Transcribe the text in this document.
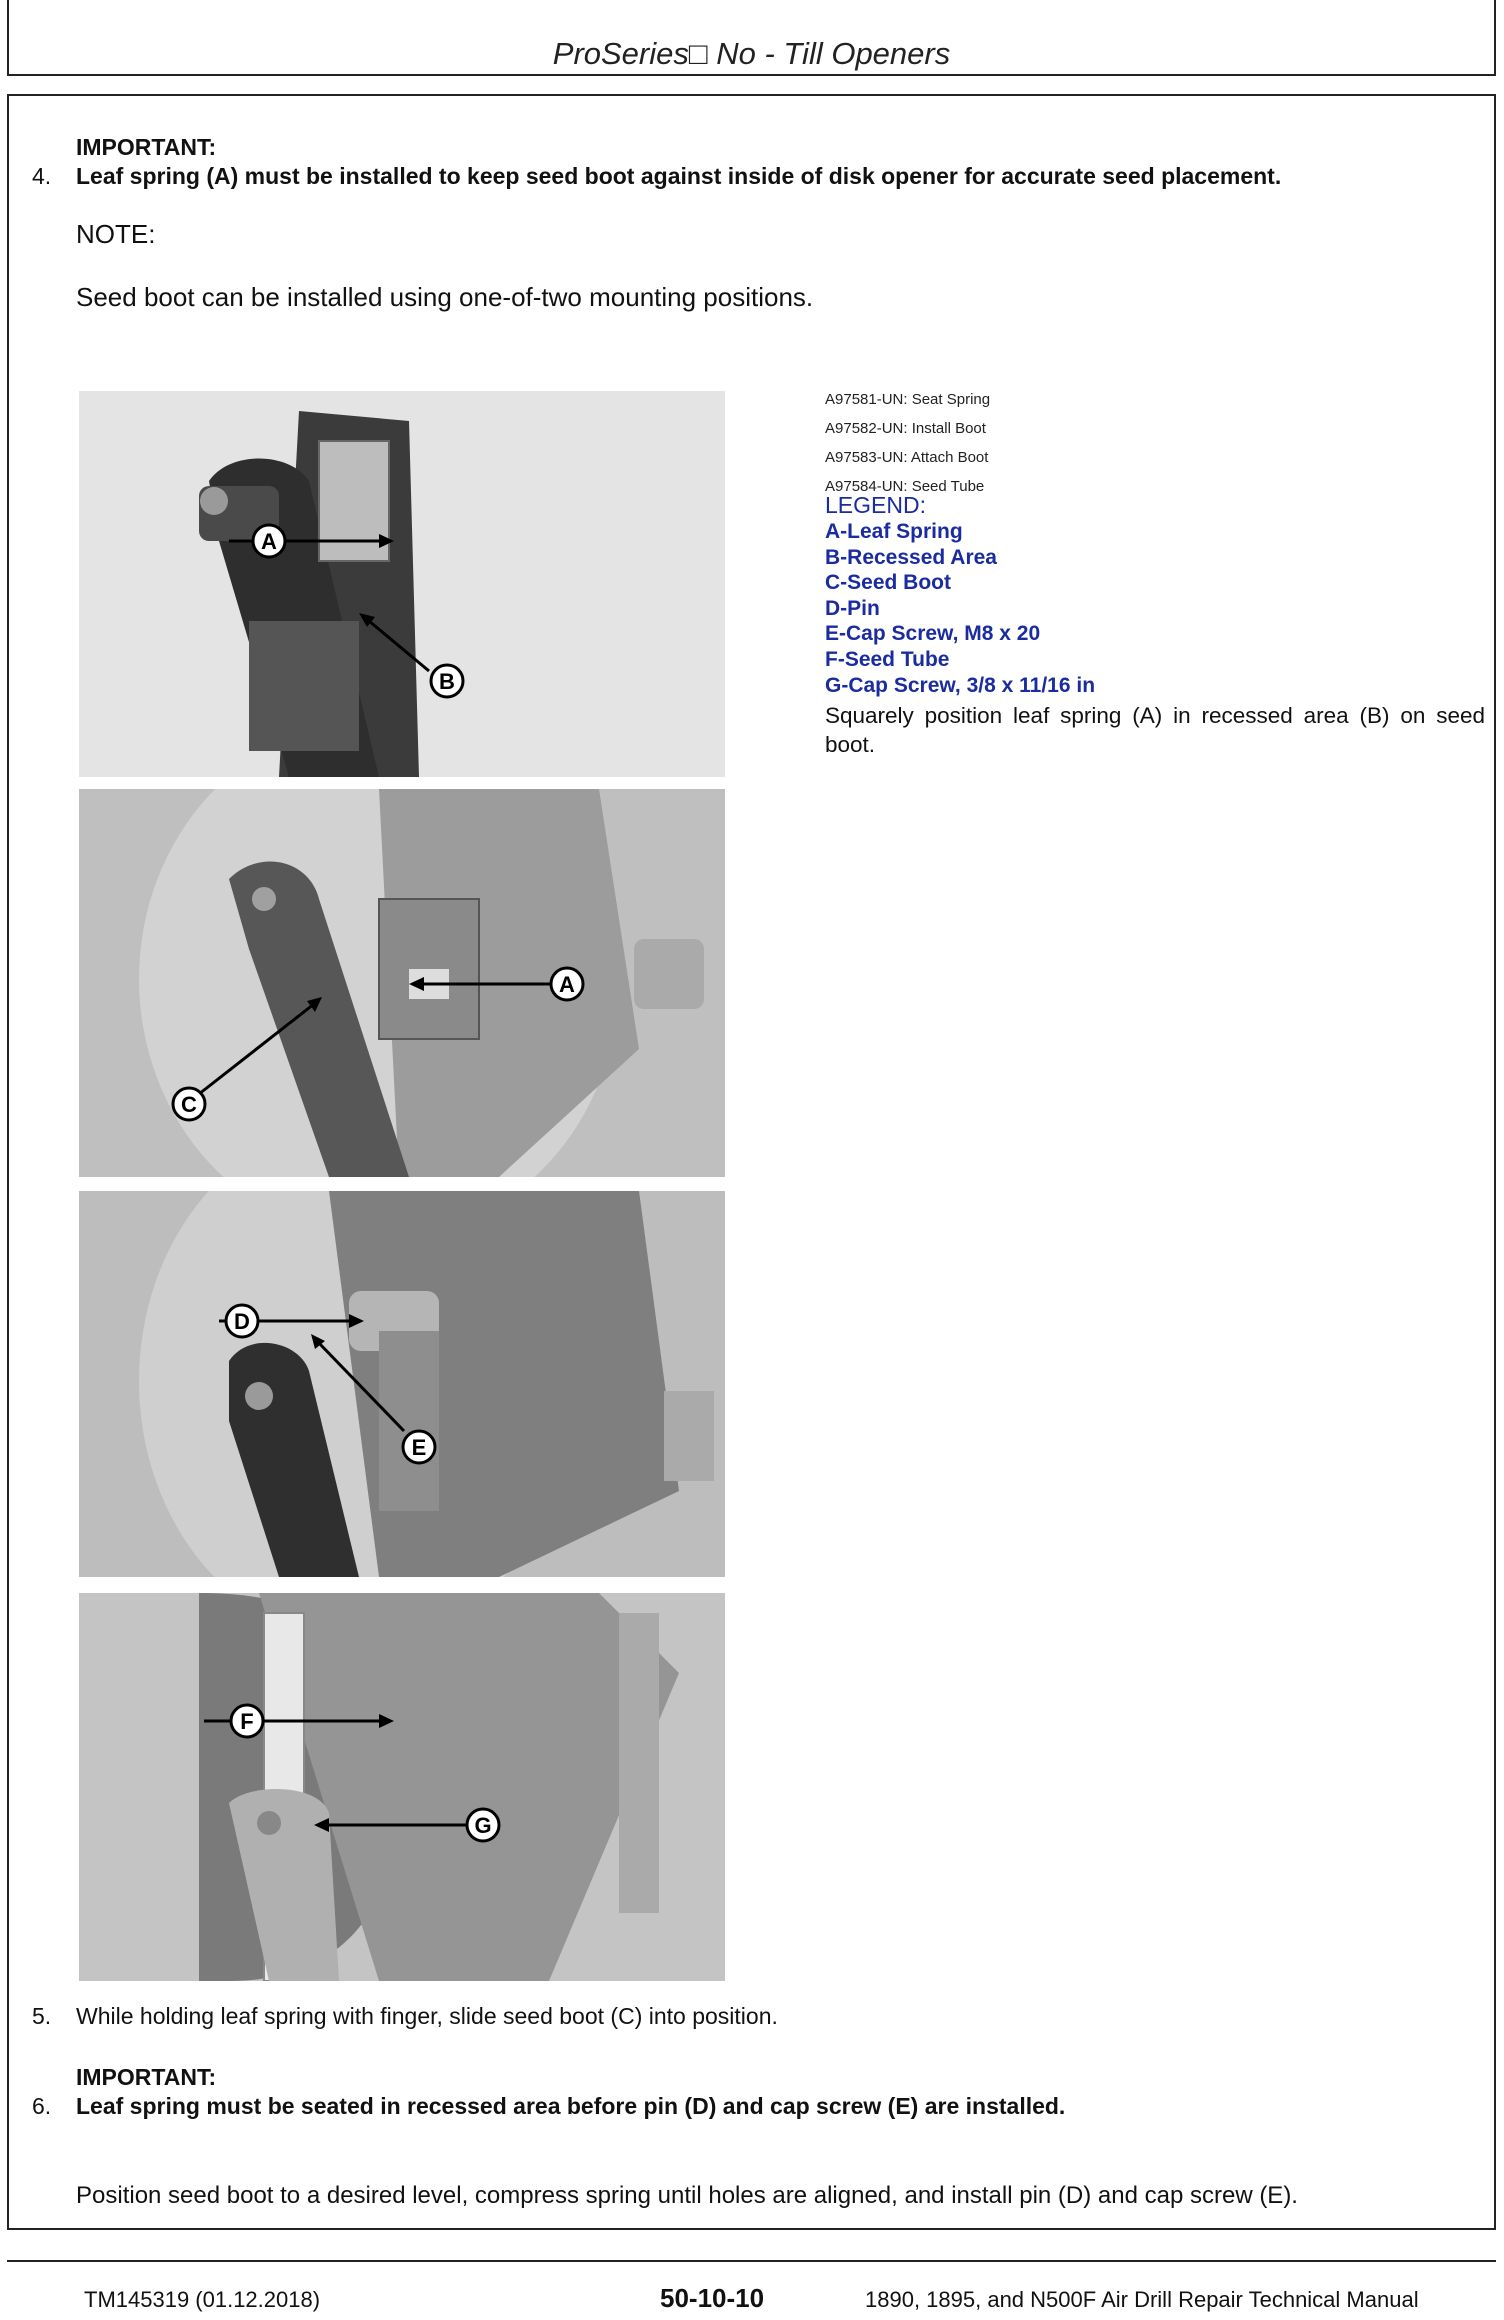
ProSeries□ No - Till Openers
IMPORTANT:
4. Leaf spring (A) must be installed to keep seed boot against inside of disk opener for accurate seed placement.
NOTE:
Seed boot can be installed using one-of-two mounting positions.
A
B
A
C
D
E
F
G
A97581-UN: Seat Spring
A97582-UN: Install Boot
A97583-UN: Attach Boot
A97584-UN: Seed Tube
LEGEND:
A-Leaf Spring
B-Recessed Area
C-Seed Boot
D-Pin
E-Cap Screw, M8 x 20
F-Seed Tube
G-Cap Screw, 3/8 x 11/16 in
Squarely position leaf spring (A) in recessed area (B) on seed boot.
5. While holding leaf spring with finger, slide seed boot (C) into position.
IMPORTANT:
6. Leaf spring must be seated in recessed area before pin (D) and cap screw (E) are installed.
Position seed boot to a desired level, compress spring until holes are aligned, and install pin (D) and cap screw (E).
TM145319 (01.12.2018)	50-10-10	1890, 1895, and N500F Air Drill Repair Technical Manual
